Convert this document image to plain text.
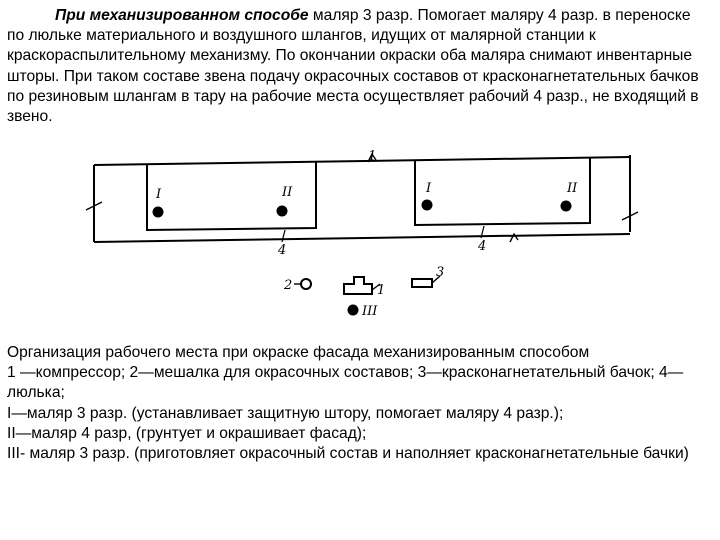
При механизированном способе маляр 3 разр. Помогает маляру 4 разр. в переноске по люльке материального и воздушного шлангов, идущих от малярной станции к краскораспылительному механизму. По окончании окраски оба маляра снимают инвентарные шторы. При таком составе звена подачу окрасочных составов от красконагнетательных бачков по резиновым шлангам в тару на рабочие места осуществляет рабочий 4 разр., не входящий в звено.

1
I	II
4
I	II
4
2	1
3
III

Организация рабочего места при окраске фасада механизированным способом
1 —компрессор; 2—мешалка для окрасочных составов; 3—красконагнетательный бачок; 4—люлька;
I—маляр 3 разр. (устанавливает защитную штору, помогает маляру 4 разр.);
II—маляр 4 разр, (грунтует и окрашивает фасад);
III- маляр 3 разр. (приготовляет окрасочный состав и наполняет красконагнетательные бачки)
